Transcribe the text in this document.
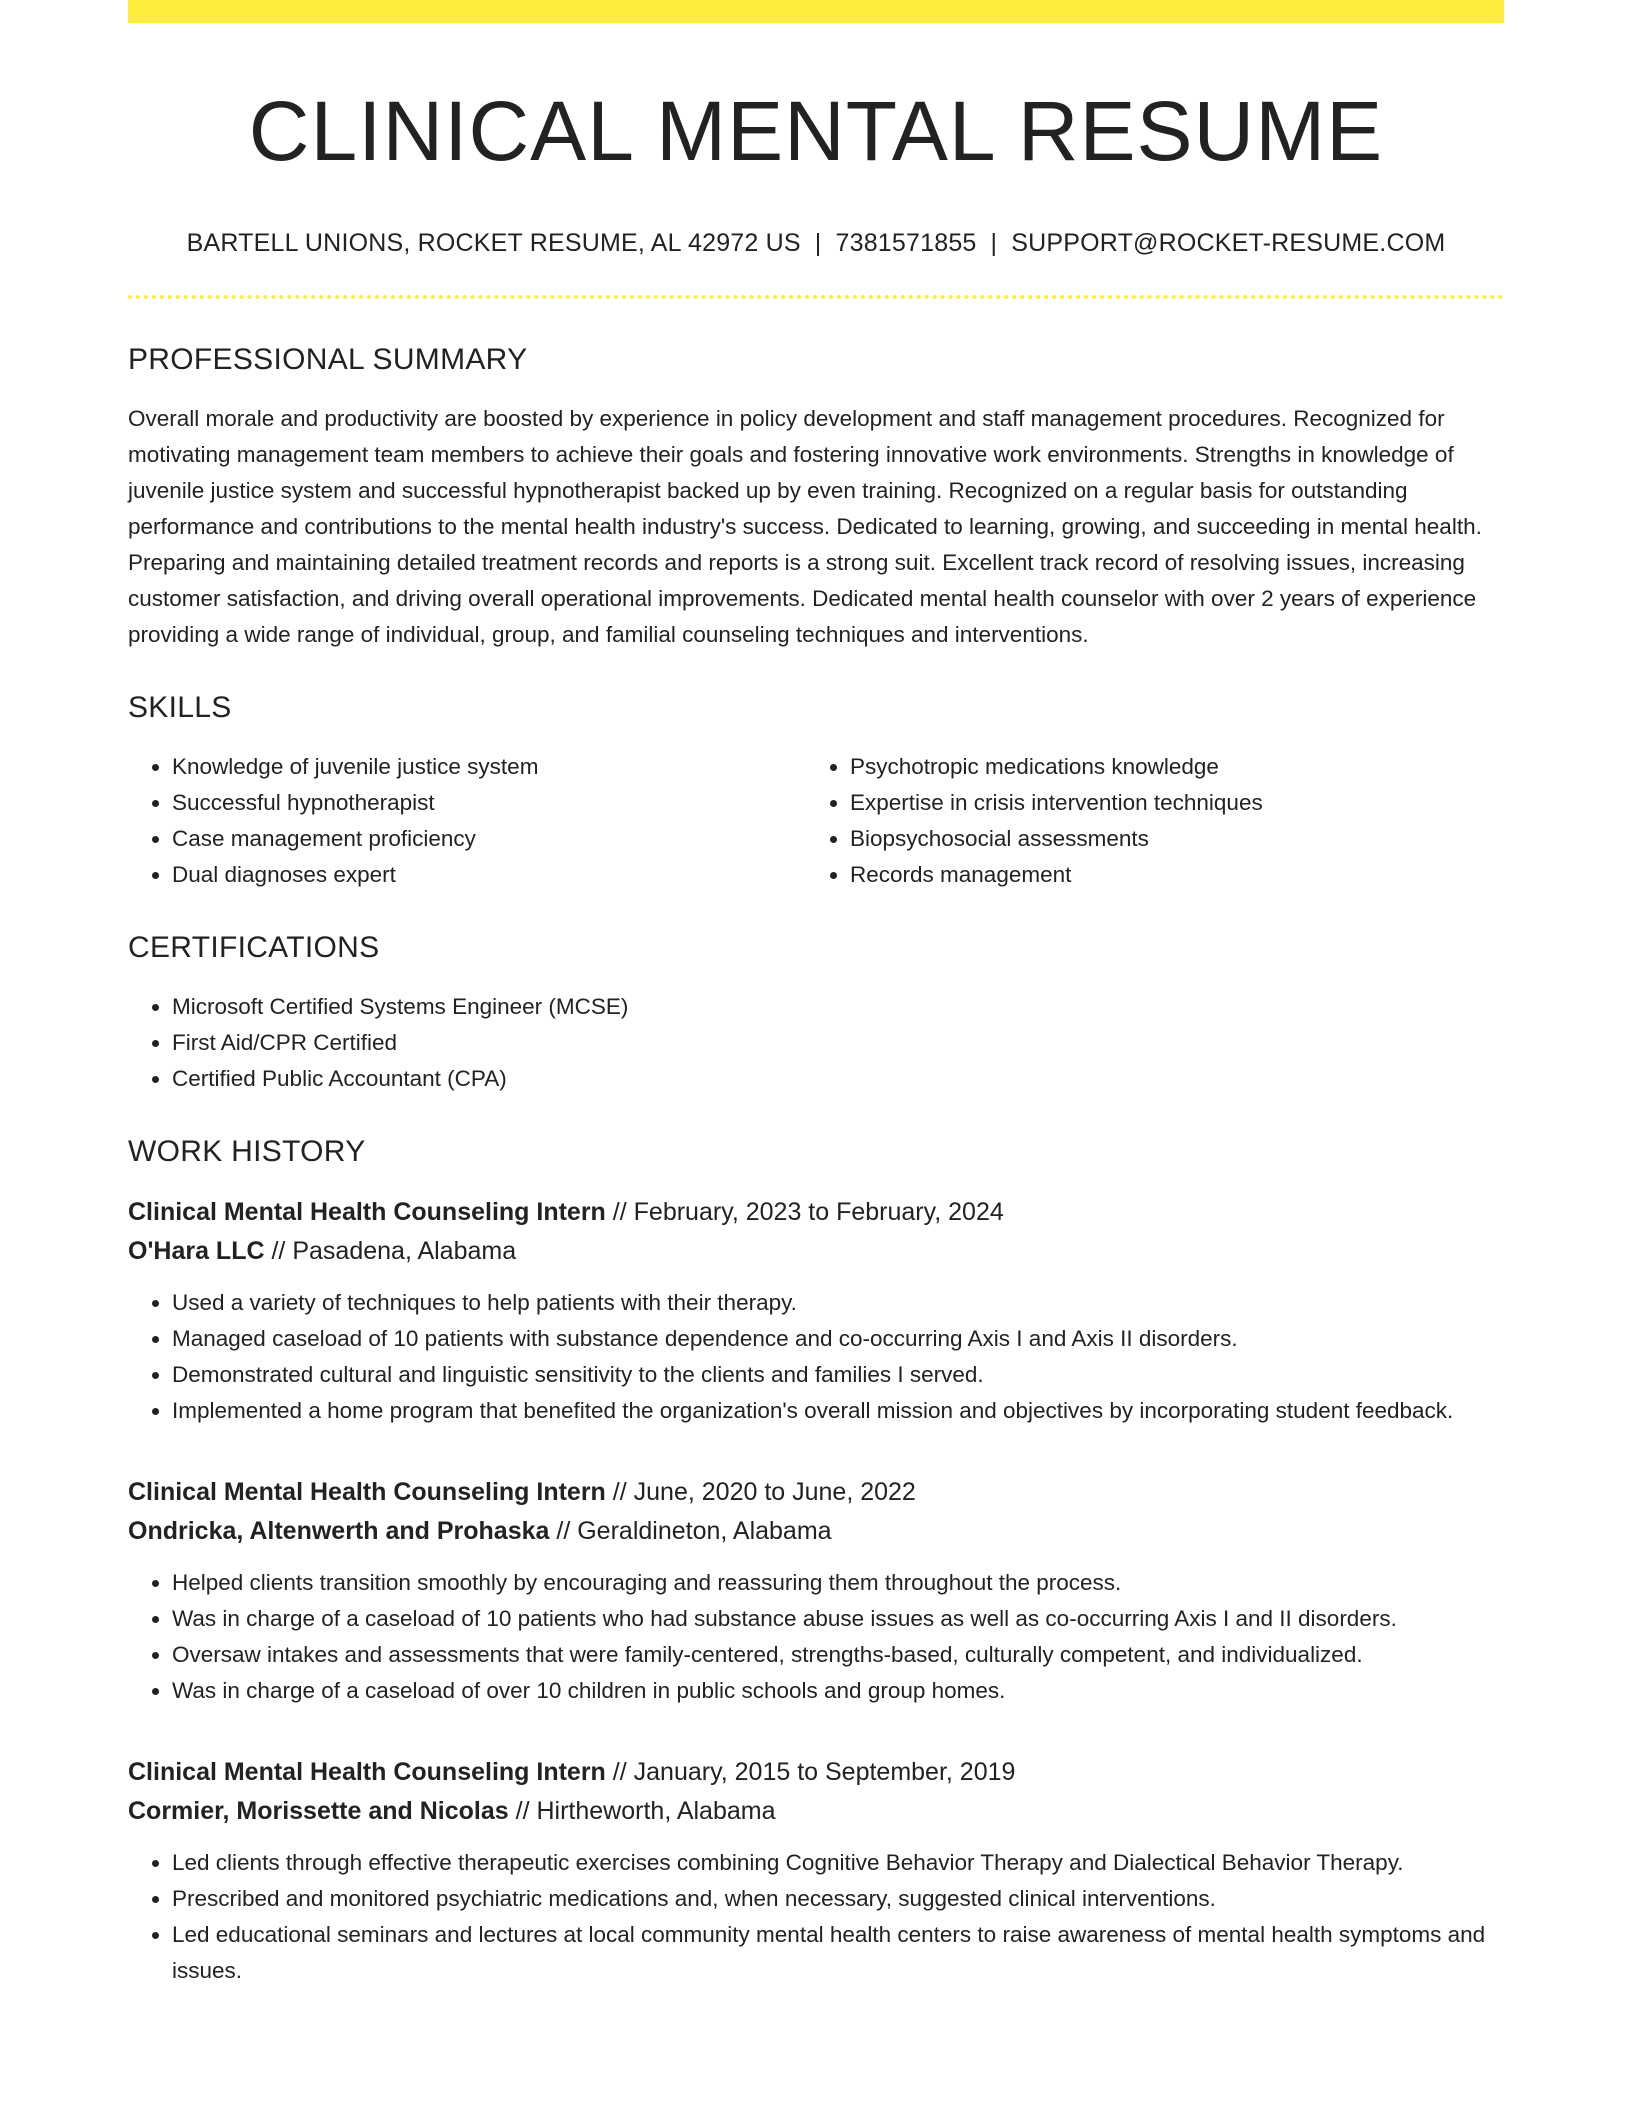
CLINICAL MENTAL RESUME
BARTELL UNIONS, ROCKET RESUME, AL 42972 US | 7381571855 | SUPPORT@ROCKET-RESUME.COM
PROFESSIONAL SUMMARY

Overall morale and productivity are boosted by experience in policy development and staff management procedures. Recognized for motivating management team members to achieve their goals and fostering innovative work environments. Strengths in knowledge of juvenile justice system and successful hypnotherapist backed up by even training. Recognized on a regular basis for outstanding performance and contributions to the mental health industry's success. Dedicated to learning, growing, and succeeding in mental health. Preparing and maintaining detailed treatment records and reports is a strong suit. Excellent track record of resolving issues, increasing customer satisfaction, and driving overall operational improvements. Dedicated mental health counselor with over 2 years of experience providing a wide range of individual, group, and familial counseling techniques and interventions.

SKILLS
• Knowledge of juvenile justice system
• Successful hypnotherapist
• Case management proficiency
• Dual diagnoses expert
• Psychotropic medications knowledge
• Expertise in crisis intervention techniques
• Biopsychosocial assessments
• Records management
CERTIFICATIONS
• Microsoft Certified Systems Engineer (MCSE)
• First Aid/CPR Certified
• Certified Public Accountant (CPA)
WORK HISTORY
Clinical Mental Health Counseling Intern // February, 2023 to February, 2024
O'Hara LLC // Pasadena, Alabama
• Used a variety of techniques to help patients with their therapy.
• Managed caseload of 10 patients with substance dependence and co-occurring Axis I and Axis II disorders.
• Demonstrated cultural and linguistic sensitivity to the clients and families I served.
• Implemented a home program that benefited the organization's overall mission and objectives by incorporating student feedback.
Clinical Mental Health Counseling Intern // June, 2020 to June, 2022
Ondricka, Altenwerth and Prohaska // Geraldineton, Alabama
• Helped clients transition smoothly by encouraging and reassuring them throughout the process.
• Was in charge of a caseload of 10 patients who had substance abuse issues as well as co-occurring Axis I and II disorders.
• Oversaw intakes and assessments that were family-centered, strengths-based, culturally competent, and individualized.
• Was in charge of a caseload of over 10 children in public schools and group homes.
Clinical Mental Health Counseling Intern // January, 2015 to September, 2019
Cormier, Morissette and Nicolas // Hirtheworth, Alabama
• Led clients through effective therapeutic exercises combining Cognitive Behavior Therapy and Dialectical Behavior Therapy.
• Prescribed and monitored psychiatric medications and, when necessary, suggested clinical interventions.
• Led educational seminars and lectures at local community mental health centers to raise awareness of mental health symptoms and issues.
